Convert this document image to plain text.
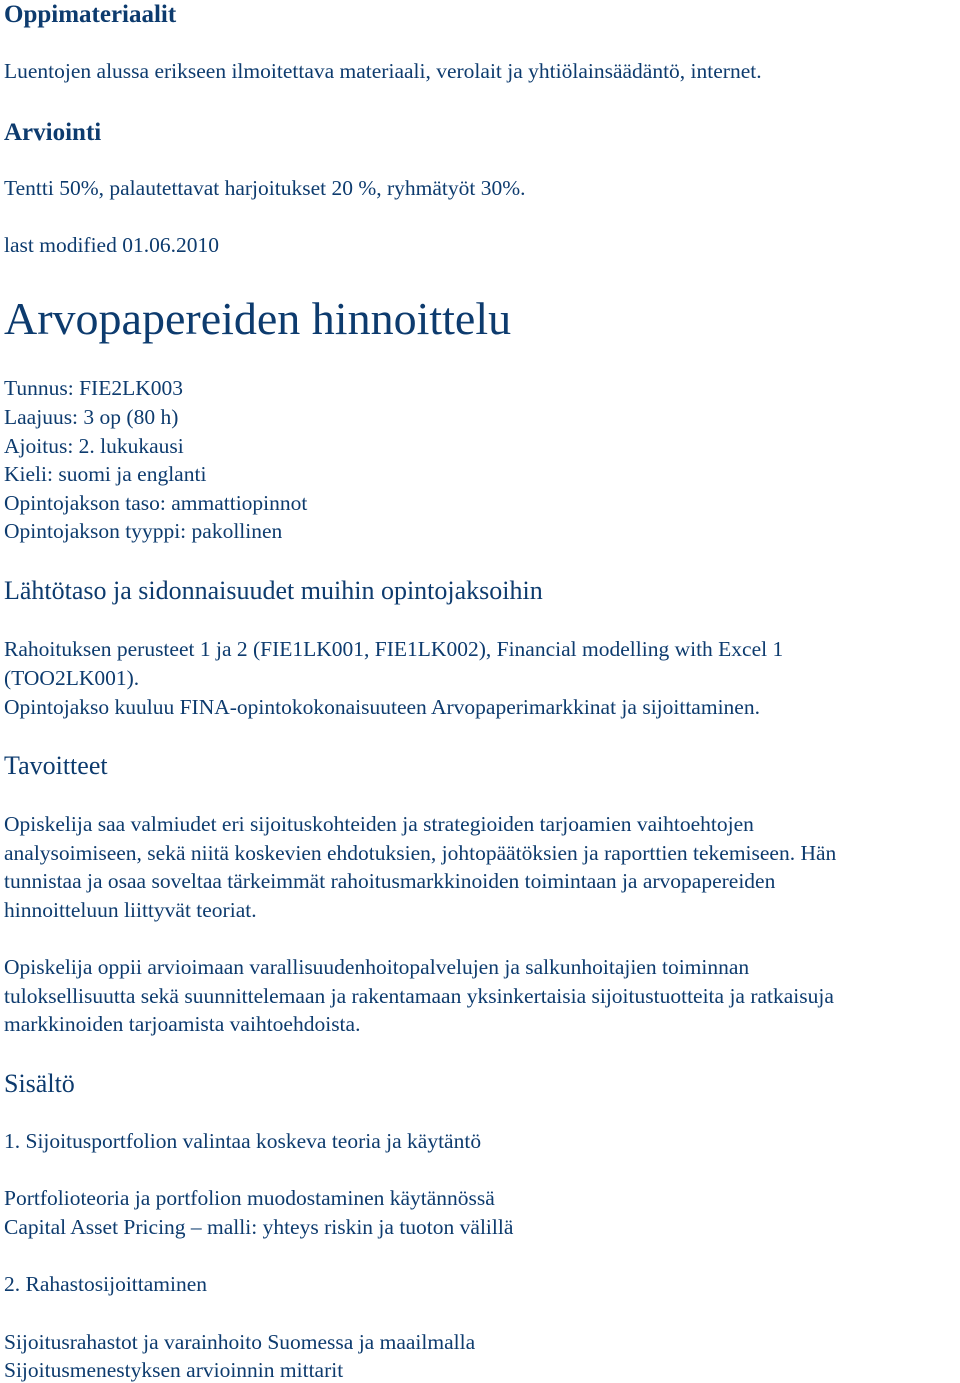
Oppimateriaalit

Luentojen alussa erikseen ilmoitettava materiaali, verolait ja yhtiölainsäädäntö, internet.

Arviointi

Tentti 50%, palautettavat harjoitukset 20 %, ryhmätyöt 30%.

last modified 01.06.2010

Arvopapereiden hinnoittelu

Tunnus: FIE2LK003

Laajuus: 3 op (80 h)

Ajoitus: 2. lukukausi

Kieli: suomi ja englanti

Opintojakson taso: ammattiopinnot

Opintojakson tyyppi: pakollinen

Lähtötaso ja sidonnaisuudet muihin opintojaksoihin

Rahoituksen perusteet 1 ja 2 (FIE1LK001, FIE1LK002), Financial modelling with Excel 1

(TOO2LK001).

Opintojakso kuuluu FINA-opintokokonaisuuteen Arvopaperimarkkinat ja sijoittaminen.

Tavoitteet

Opiskelija saa valmiudet eri sijoituskohteiden ja strategioiden tarjoamien vaihtoehtojen

analysoimiseen, sekä niitä koskevien ehdotuksien, johtopäätöksien ja raporttien tekemiseen. Hän

tunnistaa ja osaa soveltaa tärkeimmät rahoitusmarkkinoiden toimintaan ja arvopapereiden

hinnoitteluun liittyvät teoriat.

Opiskelija oppii arvioimaan varallisuudenhoitopalvelujen ja salkunhoitajien toiminnan

tuloksellisuutta sekä suunnittelemaan ja rakentamaan yksinkertaisia sijoitustuotteita ja ratkaisuja

markkinoiden tarjoamista vaihtoehdoista.

Sisältö

1. Sijoitusportfolion valintaa koskeva teoria ja käytäntö

Portfolioteoria ja portfolion muodostaminen käytännössä

Capital Asset Pricing – malli: yhteys riskin ja tuoton välillä

2. Rahastosijoittaminen

Sijoitusrahastot ja varainhoito Suomessa ja maailmalla

Sijoitusmenestyksen arvioinnin mittarit
